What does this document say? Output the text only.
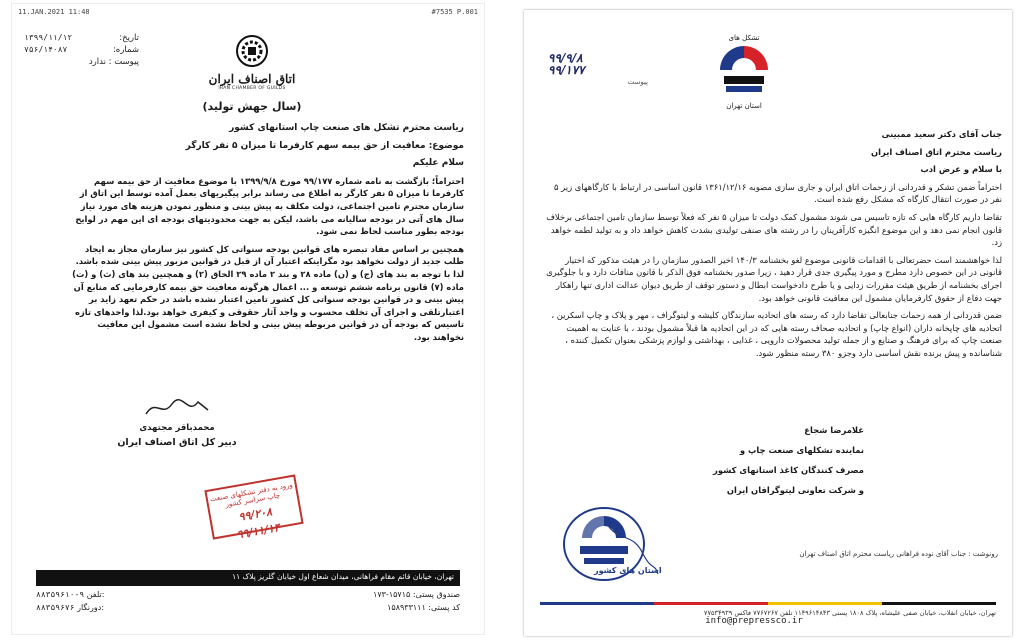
11.JAN.2021 11:48	#7535 P.001
تاریخ:
۱۳۹۹/۱۱/۱۲
شماره:
۷۵۶/۱۴۰۸۷
پیوست : ندارد
اتاق اصناف ایران
IRAN CHAMBER OF GUILDS
(سال جهش تولید)

ریاست محترم تشکل های صنعت چاپ استانهای کشور

موضوع: معافیت از حق بیمه سهم کارفرما تا میزان ۵ نفر کارگر

سلام علیکم

احتراماً؛ بازگشت به نامه شماره ۹۹/۱۷۷ مورخ ۱۳۹۹/۹/۸ با موضوع معافیت از حق بیمه سهم کارفرما تا میزان ۵ نفر کارگر به اطلاع می رساند برابر پیگیریهای بعمل آمده توسط این اتاق از سازمان محترم تامین اجتماعی، دولت مکلف به پیش بینی و منظور نمودن هزینه های مورد نیاز سال های آتی در بودجه سالیانه می باشد، لیکن به جهت محدودیتهای بودجه ای این مهم در لوایح بودجه بطور مناسب لحاظ نمی شود.

همچنین بر اساس مفاد تبصره های قوانین بودجه سنواتی کل کشور نیز سازمان مجاز به ایجاد طلب جدید از دولت نخواهد بود مگراینکه اعتبار آن از قبل در قوانین مزبور پیش بینی شده باشد. لذا با توجه به بند های (ج) و (ن) ماده ۲۸ و بند ۲ ماده ۲۹ الحاق (۲) و همچنین بند های (ث) و (ت) ماده (۷) قانون برنامه ششم توسعه و ... اعمال هرگونه معافیت حق بیمه کارفرمایی که منابع آن پیش بینی و در قوانین بودجه سنواتی کل کشور تامین اعتبار نشده باشد در حکم تعهد زاید بر اعتبارتلقی و اجرای آن تخلف محسوب و واجد آثار حقوقی و کیفری خواهد بود.لذا واحدهای تازه تاسیس که بودجه آن در قوانین مربوطه پیش بینی و لحاظ نشده است مشمول این معافیت نخواهند بود.

محمدباقر مجتهدی
دبیر کل اتاق اصناف ایران
ورود به دفتر تشکلهای صنعت چاپ سراسر کشور
۹۹/۲۰۸
۹۹/۱۱/۱۴
تهران، خیابان قائم مقام فراهانی، میدان شعاع اول خیابان گلریز پلاک ۱۱
۸۸۳۵۹۶۱۰-۹ تلفن:	صندوق پستی: ۱۵۷۱۵-۱۷۳
۸۸۳۵۹۶۷۶ دورنگار:	کد پستی: ۱۵۸۹۳۳۱۱۱
۹۹/۹/۸
۹۹/۱۷۷
پیوست
تشکل های
استان تهران

جناب آقای دکتر سعید ممبینی

ریاست محترم اتاق اصناف ایران

با سلام و عرض ادب

احتراماً ضمن تشکر و قدردانی از زحمات اتاق ایران و جاری سازی مصوبه ۱۳۶۱/۱۲/۱۶ قانون اساسی در ارتباط با کارگاههای زیر ۵ نفر در صورت انتقال کارگاه که مشکل رفع شده است.

تقاضا داریم کارگاه هایی که تازه تاسیس می شوند مشمول کمک دولت تا میزان ۵ نفر که فعلاً توسط سازمان تامین اجتماعی برخلاف قانون انجام نمی دهد و این موضوع انگیزه کارآفرینان را در رشته های صنفی تولیدی بشدت کاهش خواهد داد و به تولید لطمه خواهد زد.

لذا خواهشمند است حضرتعالی با اقدامات قانونی موضوع لغو بخشنامه ۱۴۰/۳ اخیر الصدور سازمان را در هیئت مذکور که اختیار قانونی در این خصوص دارد مطرح و مورد پیگیری جدی قرار دهید ، زیرا صدور بخشنامه فوق الذکر با قانون منافات دارد و با جلوگیری اجرای بخشنامه از طریق هیئت مقررات زدایی و یا طرح دادخواست ابطال و دستور توقف از طریق دیوان عدالت اداری تنها راهکار جهت دفاع از حقوق کارفرمایان مشمول این معافیت قانونی خواهد بود.

ضمن قدردانی از همه زحمات جنابعالی تقاضا دارد که رسته های اتحادیه سازندگان کلیشه و لیتوگراف ، مهر و پلاک و چاپ اسکرین ، اتحادیه های چاپخانه داران (انواع چاپ) و اتحادیه صحاف رسته هایی که در این اتحادیه ها قبلاً مشمول بودند ، با عنایت به اهمیت صنعت چاپ که برای فرهنگ و صنایع و از جمله تولید محصولات دارویی ، غذایی ، بهداشتی و لوازم پزشکی بعنوان تکمیل کننده ، شناسانده و پیش برنده نقش اساسی دارد وجزو ۳۸۰ رسته منظور شود.

غلامرضا شجاع
نماینده تشکلهای صنعت چاپ و
مصرف کنندگان کاغذ استانهای کشور
و شرکت تعاونی لیتوگرافان ایران
استان های کشور
رونوشت : جناب آقای نوده فراهانی ریاست محترم اتاق اصناف تهران
تهران، خیابان انقلاب، خیابان صفی علیشاه، پلاک ۱۸۰۸ پستی ۱۱۴۹۶۱۴۸۴۳ تلفن ۷۷۶۷۲۶۷ فاکس ۷۷۵۳۴۹۳۹
info@prepressco.ir
